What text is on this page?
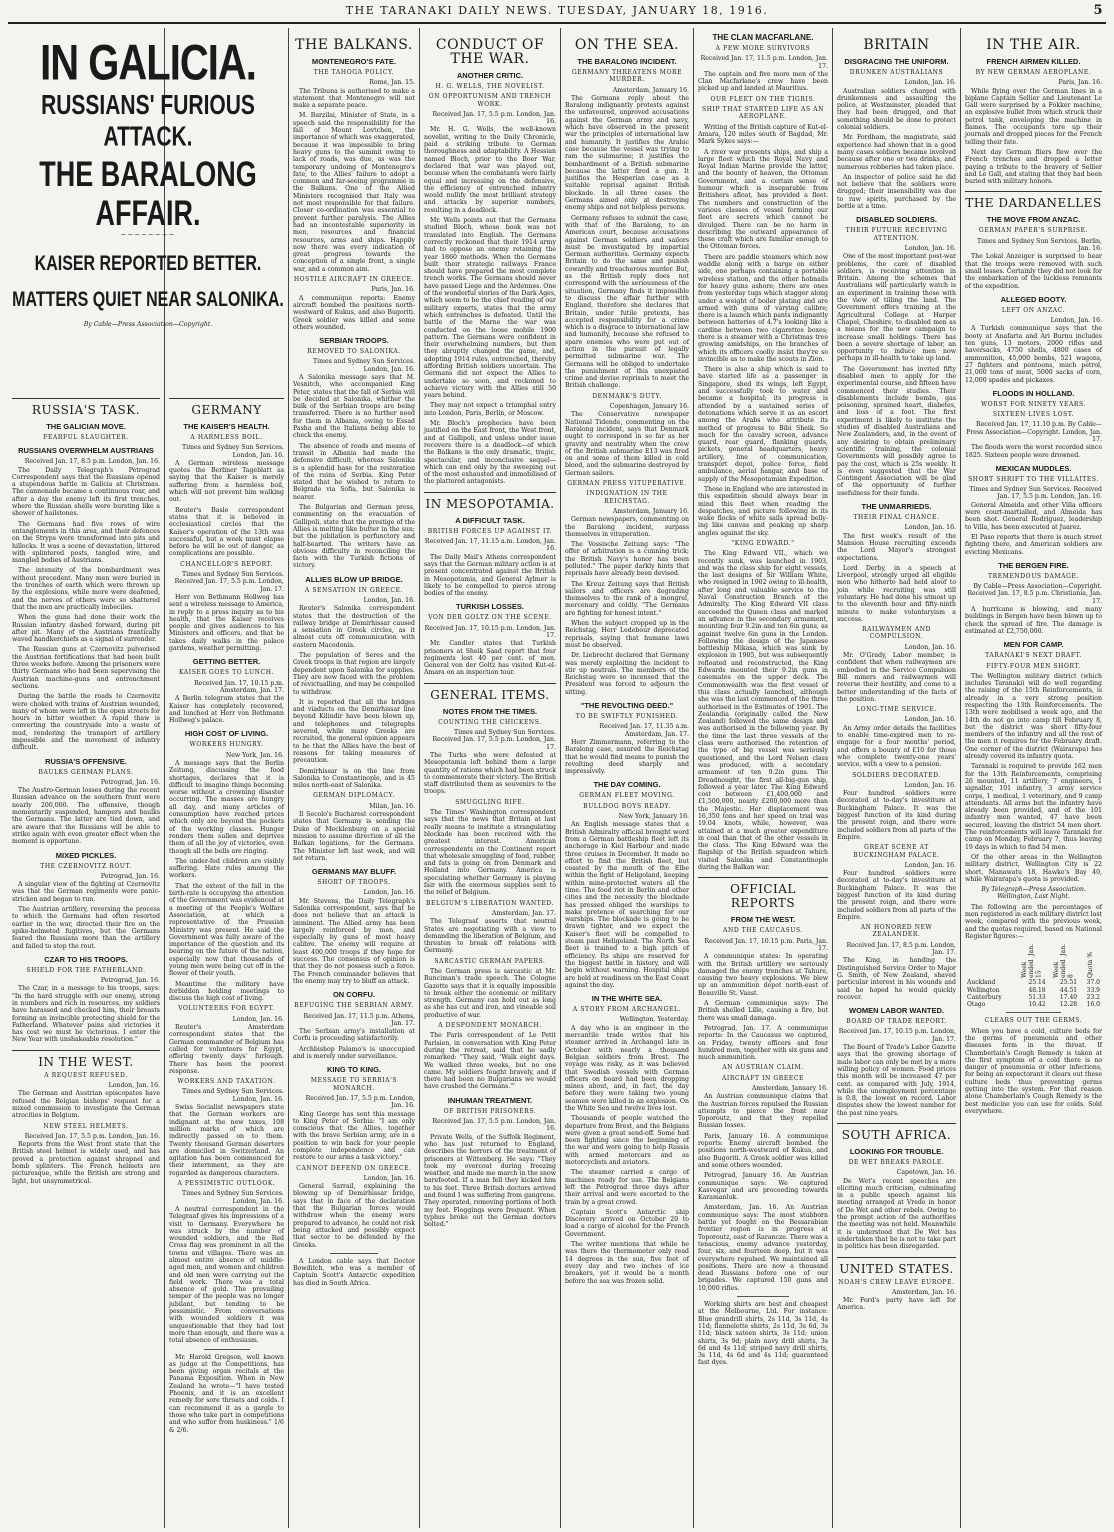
THE TARANAKI DAILY NEWS. TUESDAY, JANUARY 18, 1916.	5
IN GALICIA.
RUSSIANS' FURIOUS ATTACK.
THE BARALONG AFFAIR.
~~~~~~~~
KAISER REPORTED BETTER.
MATTERS QUIET NEAR SALONIKA.
By Cable—Press Association—Copyright.
RUSSIA'S TASK.
THE GALICIAN MOVE.
FEARFUL SLAUGHTER.
RUSSIANS OVERWHELM AUSTRIANS
Received Jan. 17, 8.5 p.m. London, Jan. 16.

The Daily Telegraph's Petrograd Correspondent says that the Russians opened a stupendous battle in Galicia at Christmas. The cannonade became a continuous roar, and after a day the enemy left its first trenches, where the Russian shells were bursting like a shower of hailstones.

The Germans had five rows of wire entanglements in this area, and their defences on the Stryps were transformed into pits and hillocks. It was a scene of devastation, littered with splintered posts, tangled wire, and mangled bodies of Austrians.

The intensity of the bombardment was without precedent. Many men were buried in the trenches of earth which were thrown up by the explosions, while more were deafened, and the nerves of others were so shattered that the men are practically imbeciles.

When the guns had done their work the Russian infantry dashed forward, during pit after pit. Many of the Austrians frantically waved handkerchiefs as a signal of surrender.

The Russian guns at Czernovitz pulverised the Austrian fortifications that had been built three weeks before. Among the prisoners were thirty Germans who had been supervising the Austrian machine-guns and entrenchment sections.

During the battle the roads to Czernovitz were choked with trains of Austrian wounded, many of whom were left in the open streets for hours in bitter weather. A rapid thaw is converting the countryside into a waste of mud, rendering the transport of artillery impossible and the movement of infantry difficult.

RUSSIA'S OFFENSIVE.
BAULKS GERMAN PLANS.
Petrograd, Jan. 16.

The Austro-German losses during the recent Russian advance on the southern front were nearly 200,000. The offensive, though momentarily suspended, hampers and baulks the Germans. The latter are tied down, and are aware that the Russians will be able to strike again with even greater effect when the moment is opportune.

MIXED PICKLES.
THE CZERNOVITZ ROUT.
Petrograd, Jan. 16.

A singular view of the fighting at Czernovitz was that the German regiments were panic-stricken and began to run.

The Austrian artillery, reversing the process to which the Germans had often resorted earlier in the war, directed their fire on the spike-helmeted fugitives, but the Germans feared the Russians more than the artillery and failed to stop the rout.

CZAR TO HIS TROOPS.
SHIELD FOR THE FATHERLAND.
Petrograd, Jan. 16.

The Czar, in a message to his troops, says: "In the hard struggle with our enemy, strong in numbers and rich in resources, my soldiers have harassed and checked him, their breasts forming an invincible protecting shield for the Fatherland. Whatever pains and victories it has cost we must be victorious. I enter the New Year with unshakeable resolution."

IN THE WEST.
A REQUEST REFUSED.
London, Jan. 16.

The German and Austrian episcopates have refused the Belgian bishops' request for a mixed commission to investigate the German atrocities in Belgium.

NEW STEEL HELMETS.
Received Jan. 17, 5.5 p.m. London, Jan. 16.

Reports from the West front state that the British steel helmet is widely used, and has proved a protection against shrapnel and bomb splinters. The French helmets are picturesque, while the British are strong and light, but unsymmetrical.

GERMANY
THE KAISER'S HEALTH.
A HARMLESS BOIL.
Times and Sydney Sun Services. London, Jan. 16.

A German wireless message quotes the Berliner Tageblatt as saying that the Kaiser is merely suffering from a harmless boil, which will not prevent him walking out.

Reuter's Basle correspondent states that it is believed in ecclesiastical circles that the Kaiser's operation of the 13th was successful, but a week must elapse before he will be out of danger, as complications are possible.

CHANCELLOR'S REPORT.
Times and Sydney Sun Services. Received Jan. 17, 5.5 p.m. London, Jan. 17.

Herr von Bethmann Hollweg has sent a wireless message to America, in reply to a press inquiry as to his health, that the Kaiser receives people and gives audiences to his Ministers and officers, and that he takes daily walks in the palace gardens, weather permitting.

GETTING BETTER.
KAISER GOES TO LUNCH.
Received Jan. 17, 10.15 p.m. Amsterdam, Jan. 17.

A Berlin telegram states that the Kaiser has completely recovered, and lunched at Herr von Bethmann Hollweg's palace.

HIGH COST OF LIVING.
WORKERS HUNGRY.
New York, Jan. 16.

A message says that the Berlin Zeitung, discussing the food shortages, declares that it is difficult to imagine things becoming worse without a crowning disaster occurring. The masses are hungry all day, and many articles of consumption have reached prices which only are beyond the pockets of the working classes. Hunger renders them sullen and deprives them of all the joy of victories, even though all the bells are ringing.

The under-fed children are visibly suffering. Hate rules among the workers.

That the extent of the fall in the birth-rate is occupying the attention of the Government was evidenced at a meeting of the People's Welfare Association, at which a representative of the Prussian Ministry was present. He said the Government was fully aware of the importance of the question and its bearing on the future of the nation, especially now that thousands of young men were being cut off in the flower of their youth.

Meantime the military have forbidden holding meetings to discuss the high cost of living.

VOLUNTEERS FOR EGYPT.
London, Jan. 16.

Reuter's Amsterdam correspondent states that the German commander of Belgium has called for volunteers for Egypt, offering twenty days' furlough. There has been the poorest response.

WORKERS AND TAXATION.
Times and Sydney Sun Services. London, Jan. 16.

Swiss Socialist newspapers state that the German workers are indignant at the new taxes, 108 million marks of which are indirectly passed on to them. Twenty thousand German deserters are domiciled in Switzerland. An agitation has been commenced for their internment, as they are regarded as dangerous characters.

A PESSIMISTIC OUTLOOK.
Times and Sydney Sun Services. London, Jan. 16.

A neutral correspondent in the Telegraaf gives his impressions of a visit to Germany. Everywhere he was struck by the number of wounded soldiers, and the Red Cross flag was prominent in all the towns and villages. There was an almost entire absence of middle-aged men, and women and children and old men were carrying out the field work. There was a total absence of gold. The prevailing temper of the people was no longer jubilant, but tending to be pessimistic. From conversations with wounded soldiers it was unquestionable that they had lost more than enough, and there was a total absence of enthusiasm.

Mr. Harold Gregson, well known as judge at the Competitions, has been giving organ recitals at the Panama Exposition. When in New Zealand he wrote—"I have tested Phoenix, and it is an excellent remedy for sore throats and colds. I can recommend it as a gargle to those who take part in competitions and who suffer from huskiness." 1/6 & 2/6.

THE BALKANS.
MONTENEGRO'S FATE.
THE TAHOGA POLICY.
Rome, Jan. 15.

The Tribuna is authorised to make a statement that Montenegro will not make a separate peace.

M. Barzilai, Minister of State, in a speech said the responsibility for the fall of Mount Lovtchen, the importance of which was exaggerated, because it was impossible to bring heavy guns to the summit owing to lack of roads, was due, as was the temporary undoing of Montenegro's fate, to the Allies' failure to adopt a common and far-seeing programme in the Balkans. One of the Allied Ministers recognised that Italy was not most responsible for that failure. Closer co-ordination was essential to prevent further paralysis. The Allies had an incontestable superiority in men, resources and financial resources, arms and ships. Happily now there was every indication of great progress towards the conception of a single front, a single war, and a common aim.

HOSTILE AIRCRAFT IN GREECE.
Paris, Jan. 16.

A communique reports: Enemy aircraft bombed the positions north-westward of Kukus, and also Bugoriti. Greek soldier was killed and some others wounded.

SERBIAN TROOPS.
REMOVED TO SALONIKA.
Times and Sydney Sun Services. London, Jan. 16.

A Salonika message says that M. Vesnitch, who accompanied King Peter, states that the fall of Serbia will be decided at Salonika, whither the bulk of the Serbian troops are being transferred. There is no further need for them in Albania, owing to Essad Pasha and the Italians being able to check the enemy.

The absence of roads and means of transit in Albania had made the defensive difficult, whereas Salonika is a splendid base for the restoration of the ruins of Serbia. King Peter stated that he wished to return to Belgrade via Sofia, but Salonika is nearer.

The Bulgarian and German press, commenting on the evacuation of Gallipoli, state that the prestige of the Allies is melting like butter in the sun; but the jubilation is perfunctory and half-hearted. The writers have an obvious difficulty in reconciling the facts with the Turkish fictions of victory.

ALLIES BLOW UP BRIDGE.
A SENSATION IN GREECE.
London, Jan. 16.

Reuter's Salonika correspondent states that the destruction of the railway bridge at Demirhissar caused a sensation in Greek circles, as it almost cuts off communication with eastern Macedonia.

The population of Seres and the Greek troops in that region are largely dependent upon Salonika for supplies. They are now faced with the problem of revictualling, and may be compelled to withdraw.

It is reported that all the bridges and viaducts on the Demirhissar line beyond Kilindir have been blown up, and telephones and telegraphs severed, while many Greeks are recruited, the general opinion appears to be that the Allies have the best of reasons for taking measures of precaution.

Demirhissar is on the line from Salonika to Constantinople, and is 45 miles north-east of Salonika.

GERMAN DIPLOMACY.
Milan, Jan. 16.

Il Secolo's Bucharest correspondent states that Germany is sending the Duke of Mecklenburg on a special mission to assume direction of all the Balkan legations, for the Germans. The Minister left last week, and will not return.

GERMANS MAY BLUFF.
SHORT OF TROOPS.
London, Jan. 16.

Mr. Stevens, the Daily Telegraph's Salonika correspondent, says that he does not believe that an attack is imminent. The Allied army has been largely reinforced by men, and especially by guns of most heavy calibre. The enemy will require at least 400,000 troops if they hope for success. The consensus of opinion is that they do not possess such a force. The French commander believes that the enemy may try to bluff an attack.

ON CORFU.
REFUGING THE SERBIAN ARMY.
Received Jan. 17, 11.5 p.m. Athens, Jan. 17.

The Serbian army's installation at Corfu is proceeding satisfactorily.

Archbishop Palamo's is unoccupied and is merely under surveillance.

KING TO KING.
MESSAGE TO SERBIA'S MONARCH.
Received Jan. 17, 5.5 p.m. London, Jan. 16.

King George has sent this message to King Peter of Serbia: "I am only conscious that the Allies, together with the brave Serbian army, are in a position to win back for your people complete independence and can restore to our arms a task victory."

CANNOT DEFEND ON GREECE.
London, Jan. 16.

General Sarrail, explaining the blowing up of Demirhissar bridge, says that in face of the declaration that the Bulgarian forces would withdraw when the enemy were prepared to advance, he could not risk being attacked and possibly expect that sector to be defended by the Greeks.

A London cable says that Doctor Bowditch, who was a member of Captain Scott's Antarctic expedition has died in South Africa.

CONDUCT OF THE WAR.
ANOTHER CRITIC.
H. G. WELLS, THE NOVELIST.
ON OPPORTUNISM AND TRENCH WORK.
Received Jan. 17, 5.5 p.m. London, Jan. 16.

Mr. H. G. Wells, the well-known novelist, writing to the Daily Chronicle, paid a striking tribute to German thoroughness and adaptability. A Hessian named Bloch, prior to the Boer War, declared that war was played out, because when the combatants were fairly equal and increasing on the defensive, the efficiency of entrenched infantry would nullify the most brilliant strategy and attacks by superior numbers, resulting in a deadlock.

Mr. Wells points out that the Germans studied Bloch, whose book was not translated into English. The Germans correctly reckoned that their 1914 army had to oppose an enemy retaining the year 1860 methods. When the Germans built their strategic railways France should have prepared the most complete trench works. The Germans should never have passed Liege and the Ardennes. One of the wonderful stories of the Dark Ages, which seem to be the chief reading of our military experts, states that the army which entrenches is defeated. Until the battle of the Marne the war was conducted on the loose mobile 1900 pattern. The Germans were confident in their overwhelming numbers, but then they abruptly changed the game, and, adopting 1914 rules, entrenched, thereby affording British soldiers uncertain. The Germans did not expect the Allies to undertake so soon, and reckoned to achieve victory with the Allies still 50 years behind.

They may not expect a triumphal entry into London, Paris, Berlin, or Moscow.

Mr. Bloch's prophecies have been justified on the East front, the West front, and at Gallipoli, and unless under issue recovers there is a deadlock—of which the Balkans is the only dramatic, tragic, spectacular, and inconclusive sequel—which can end only by the sweeping out of the most exhausted and immobilised of the plattered antagonists.

IN MESOPOTAMIA.
A DIFFICULT TASK.
BRITISH FORCES UP AGAINST IT.
Received Jan. 17, 11.15 a.m. London, Jan. 16.

The Daily Mail's Athens correspondent says that the German military action is at present concentrated against the British in Mesopotamia, and General Aylmer is likely to be compelled to pierce strong bodies of the enemy.

TURKISH LOSSES.
VON DER GOLTZ ON THE SCENE.
Received Jan. 17, 10.15 p.m. London, Jan. 17.

Mr. Candler states that Turkish prisoners at Sheik Saad report that four regiments lost 40 per cent. of men. General von der Goltz has visited Kut-el-Amara on an inspection tour.

GENERAL ITEMS.
NOTES FROM THE TIMES.
COUNTING THE CHICKENS.
Times and Sydney Sun Services. Received Jan. 17, 5.5 p.m. London, Jan. 17.

The Turks who were defeated at Mesopotamia left behind them a large quantity of rations which had been struck to commemorate their victory. The British staff distributed them as souvenirs to the troops.

SMUGGLING RIFE.

The Times' Washington correspondent says that the news that Britain at last really means to institute a strangulating blockade has been received with the greatest interest. American correspondents on the Continent report that wholesale smuggling of food, rubber, and fats is going on from Denmark and Holland into Germany. America is speculating whether Germany is playing fair with the enormous supplies sent to the relief of Belgium.

BELGIUM'S LIBERATION WANTED.
Amsterdam, Jan. 17.

The Telegraaf asserts that neutral States are negotiating with a view to demanding the liberation of Belgium, and threaten to break off relations with Germany.

SARCASTIC GERMAN PAPERS.

The German press is sarcastic at Mr. Runciman's trade speech. The Cologne Gazette says that it is equally impossible to break either the economic or military strength. Germany can hold out as long as she has cut and iron, and vineable soil productive of war.

A DESPONDENT MONARCH.

The Paris correspondent of Le Petit Parisien, in conversation with King Peter during the retreat, said that he sadly remarked: "They said, 'Walk eight days. We walked three weeks, but no one came. My soldiers fought bravely, and if there had been no Bulgarians we would have crushed the Germans.'"

INHUMAN TREATMENT.
OF BRITISH PRISONERS.
Received Jan. 17, 5.5 p.m. London, Jan. 16.

Private Wells, of the Suffolk Regiment, who has just returned to England, describes the horrors of the treatment of prisoners at Wittenberg. He says: "They took my overcoat during freezing weather, and made me march in the snow barefooted. If a man fell they kicked him to his feet. Three British doctors arrived and found I was suffering from gangrene. They operated, removing portions of both my feet. Floggings were frequent. When typhus broke out the German doctors bolted."

ON THE SEA.
THE BARALONG INCIDENT.
GERMANY THREATENS MORE MURDER.
Amsterdam, January 16.

The Germans reply about the Baralong indignantly protests against the unfavoured, unproved accusations against the German army and navy, which have observed in the present war the principles of international law and humanity. It justifies the Arabic case because the vessel was trying to ram the submarine; it justifies the bombardment of a British submarine because the latter fired a gun. It justifies the Hesperian case as a suitable reprisal against British blockade. In all three cases the Germans aimed only at destroying enemy ships and not helpless persons.

Germany refuses to submit the case, with that of the Baralong, to an American court, because accusations against German soldiers and sailors must be investigated by impartial German authorities. Germany expects Britain to do the same and punish cowardly and treacherous murder. But, as the British reply does not correspond with the seriousness of the situation, Germany finds it impossible to discuss the affair further with England, therefore she declares that Britain, under futile pretexts, has accepted responsibility for a crime which is a disgrace to international law and humanity, because she refused to spare enemies who were put out of action in the pursuit of legally permitted submarine war. The Germans will be obliged to undertake the punishment of this unexpiated crime and devise reprisals to meet the British challenge.

DENMARK'S DUTY.
Copenhagen, January 16.

The Conservative newspaper National Tidende, commenting on the Baralong incident, says that Denmark ought to correspond in so far as her gravity and neutrality when the crew of the British submarine E13 was fired on and some of them killed in cold blood, and the submarine destroyed by German sailors.

GERMAN PRESS VITUPERATIVE.
INDIGNATION IN THE REICHSTAG.
Amsterdam, January 16.

German newspapers, commenting on the Baralong incident, surpass themselves in vituperation.

The Vossische Zeitung says: "The offer of arbitration is a cunning trick; the British Navy's honor has been polluted." The paper darkly hints that reprisals have already been devised.

The Kreuz Zeitung says that British sailors and officers are degrading themselves to the rank of a mongrel, mercenary and coldly. "The Germans are fighting for honest intent."

When the subject cropped up in the Reichstag, Herr Ledebour deprecated reprisals, saying that humane laws must be observed.

Dr. Liebrecht declared that Germany was merely exploiting the incident to stir up neutrals. The members of the Reichstag were so incensed that the President was forced to adjourn the sitting.

"THE REVOLTING DEED."
TO BE SWIFTLY PUNISHED.
Received Jan. 17, 11.35 a.m. Amsterdam, Jan. 17.

Herr Zimmermann, referring to the Baralong case, assured the Reichstag that he would find means to punish the revolting deed sharply and impressively.

THE DAY COMING.
GERMAN FLEET MOVING.
BULLDOG BOYS READY.
New York, January 16.

An English message states that a British Admiralty official brought word from a German battleship fleet left its anchorage in Kiel Harbour and made three cruises in December. It made no effort to find the British fleet, but coasted by the mouth of the Elbe within the fight of Heligoland, keeping within mine-protected waters all the time. The food riot in Berlin and other cities and the necessity the blockade has pressed obliged the warships to make pretence of searching for our warships. The blockade is going to be drawn tighter, and we expect the Kaiser's fleet will be compelled to steam past Heligoland. The North Sea fleet is trained to a high pitch of efficiency. Its ships are reserved for the biggest battle in history, and will begin without warning. Hospital ships are held at readiness on the East Coast against the day.

IN THE WHITE SEA.
A STORY FROM ARCHANGEL.
Wellington, Yesterday.

A day who is an engineer in the mercantile trade writes that his steamer arrived in Archangel late in October with nearly a thousand Belgian soldiers from Brest. The voyage was risky, as it was believed that Swedish vessels with German officers on board had been dropping mines about, and, in fact, the day before they were taking two young seamen were killed in an explosion. On the White Sea and twelve lives lost.

Thousands of people watched the departure from Brest, and the Belgians were given a great send-off. Some had been fighting since the beginning of the war and were going to help Russia with armed motorcars and as motorcyclists and aviators.

The steamer carried a cargo of machines ready for use. The Belgians left the Petrograd three days after their arrival and were escorted to the train by a great crowd.

Captain Scott's Antarctic ship Discovery arrived on October 20 to load a cargo of alcohol for the French Government.

The writer mentions that while he was there the thermometer only read 14 degrees in the sun, five feet of every day and two inches of ice breakers, yet it would be a month before the sea was frozen solid.

THE CLAN MACFARLANE.
A FEW MORE SURVIVORS
Received Jan. 17, 11.5 p.m. London, Jan. 17.

The captain and five more men of the Clan Macfarlane's crew have been picked up and landed at Mauritius.

OUR FLEET ON THE TIGRIS.
SHIP THAT STARTED LIFE AS AN AEROPLANE.

Writing of the British capture of Kut-el-Amara, 120 miles south of Bagdad, Mr. Mark Sykes says:—

A river war presents ships, and ship a large fleet which the Royal Navy and Royal Indian Marine provide the latter, and the bounty of heaven, the Ottoman Government, and a certain sense of humour which is inseparable from Britishers afloat, has provided a fleet. The numbers and construction of the various classes of vessel forming our fleet are secrets which cannot be divulged. There can be no harm in describing the outward appearance of these craft which are familiar enough to the Ottoman forces.

There are paddle steamers which now waddle along with a barge on either side, one perhaps containing a portable wireless station, and the other hobnails for heavy guns ashore; there are ones from yesterday tugs which stagger along under a weight of boiler plating and are armed with guns of varying calibre; there is a launch which pants indignantly between batteries of 4.7's looking like a cardine between two cigarettes boxes; there is a steamer with a Christmas tree growing amidships, on the branches of which its officers coolly insist they're so invincible as to make the scouts in Zion.

There is also a ship which is said to have started life as a passenger in Singapore, shed its wings, left Egypt, and successfully took to water and became a hospital; its progress is attended by a sustained series of detonations which serve it as an escort among the Arabs who attribute its method of progress to Bibi Sheik. So much for the cavalry screen, advance guard, rear guard, flanking guards, pickets, general headquarters, heavy artillery, line of communication, transport depot, police force, field ambulance, aerial hangar, and base of supply of the Mesopotamian Expedition.

Those in England who are interested in this expedition should always bear in mind this fleet when reading the despatches, and picture following in its wake flocks of white sails spread belly-ing like canvas and peaking up sharp angles against the sky.

"KING EDWARD."

The King Edward VII., which we recently sunk, was launched in 1903, and was the class ship for eight vessels, the last designs of Sir William White, who resigned in 1902 owing to ill-health, after long and valuable service to the Naval Construction Branch of the Admiralty. The King Edward VII class succeeded the Queen class and marked an advance in the secondary armament, mounting four 9.2in and ten 6in guns, as against twelve 6in guns in the London. Following the design of the Japanese battleship Mikasa, which was sunk by explosion in 1905, but was subsequently refloated and reconstructed, the King Edwards mounted their 9.2in guns in casemates on the upper deck. The Commonwealth was the first vessel of this class actually launched, although she was the last commenced of the three authorised in the Estimates of 1901. The Zealandia (originally called the New Zealand) followed the same design and was authorised in the following year. By the time the last three vessels of the class were authorised the retention of the type of big vessel was seriously questioned, and the Lord Nelson class was produced, with a secondary armament of ten 9.2in guns. The Dreadnought, the first all-big-gun ship, followed a year later. The King Edward cost between £1,400,000 and £1,500,000, nearly £200,000 more than the Majestic. Her displacement was 16,350 tons and her speed on trial was 19.04 knots, while, however, was attained at a much greater expenditure in coal than that of the other vessels in the class. The King Edward was the flagship of the British squadron which visited Salonika and Constantinople during the Balkan war.

OFFICIAL REPORTS
FROM THE WEST.
AND THE CAUCASUS.
Received Jan. 17, 10.15 p.m. Paris, Jan. 17.

A communique states: In operating with the British artillery we seriously damaged the enemy trenches at Tahure, causing two heavy explosions. We blew up an ammunition depot north-east of Beauville St. Vaast.

A German communique says: The British shelled Lille, causing a fire, but there was small damage.

Petrograd, Jan. 17. A communique reports: In the Caucasus we captured, on Friday, twenty officers and four hundred men, together with six guns and much ammunition.

AN AUSTRIAN CLAIM.
AIRCRAFT IN GREECE
Amsterdam, January 16.

An Austrian communique claims that the Austrian forces repulsed the Russian attempts to pierce the front near Toporoutz, and that they repelled Russian losses.

Paris, January 16. A communique reports: Enemy aircraft bombed the positions north-westward of Kukus, and also Bugoriti. A Greek soldier was killed and some others wounded.

Petrograd, January 16. An Austrian communique says: We captured Kasvegar and are proceeding towards Karamanluk.

Amsterdam, Jan. 16. An Austrian communique says: The most stubborn battle yet fought on the Bessarabian frontier region is in progress at Toporoutz, east of Rarancze. There was a tenacious, enemy advance yesterday, four, six, and fourteen deep, but it was everywhere repulsed. We maintained all positions. There are now a thousand dead Russians before one of our brigades. We captured 150 guns and 10,000 rifles.

Working shirts are best and cheapest at the Melbourne, Ltd. For instance: Blue grandrill shirts, 2s 11d, 3s 11d, 4s 11d; flannelette shirts, 2s 11d, 3s 6d, 3s 11d; black sateen shirts, 3s 11d; union shirts, 3s 9d; plain navy drill shirts, 3s 6d and 4s 11d; striped navy drill shirts, 3s 11d, 4s 6d and 4s 11d; guaranteed fast dyes.

BRITAIN
DISGRACING THE UNIFORM.
DRUNKEN AUSTRALIANS
London, Jan. 16.

Australian soldiers charged with drunkenness and assaulting the police, at Westminster, pleaded that they had been drugged, and that something should be done to protect colonial soldiers.

Mr. Fordham, the magistrate, said experience had shown that in a good many cases soldiers became involved because after one or two drinks, and numerous robberies had taken place.

An inspector of police said he did not believe that the soldiers were drugged; their insensibility was due to raw spirits, purchased by the bottle at a time.

DISABLED SOLDIERS.
THEIR FUTURE RECEIVING ATTENTION.
London, Jan. 16.

One of the most important post-war problems, the care of disabled soldiers, is receiving attention in Britain. Among the schemes that Australians will particularly watch is an experiment in training those with the view of tilling the land. The Government offers training at the Agricultural College at Harper Chapel, Cheshire, to disabled men as a means for the new campaign to increase small holdings. There has been a severe shortage of labor, an opportunity to induce men now perhaps in ill-health to take up land.

The Government has invited fifty disabled men to apply for the experimental course, and fifteen have commenced their studies. Their disablements include bombs, gas poisoning, sprained heart, diabetes, and loss of a foot. The first experiment is likely to institute the studies of disabled Australians and New Zealanders, and, in the event of any desiring to obtain preliminary scientific training, the colonial Governments will possibly agree to pay the cost, which is 25s weekly. It is even suggested that the War Contingent Association will be glad of the opportunity of further usefulness for their funds.

THE UNMARRIEDS.
THEIR FINAL CHANCE.
London, Jan. 16.

The first week's result of the Mansion House recruiting exceeds the Lord Mayor's strongest expectations.

Lord Derby, in a speech at Liverpool, strongly urged all eligible men who hitherto had held aloof to join while recruiting was still voluntary. He had done his utmost up to the eleventh hour and fifty-ninth minute to make voluntaryism a success.

RAILWAYMEN AND COMPULSION.
London, Jan. 16.

Mr. O'Grady, Labor member, is confident that when railwaymen are embodied in the Service Compulsion Bill miners and railwaymen will reverse their hostility, and come to a better understanding of the facts of the position.

LONG-TIME SERVICE.
London, Jan. 16.

An Army order details the facilities to enable time-expired men to re-engage for a four months' period, and offers a bounty of £10 for those who complete twenty-one years' service, with a view to a pension.

SOLDIERS DECORATED.
London, Jan. 16.

Four hundred soldiers were decorated at to-day's investiture at Buckingham Palace. It was the biggest function of its kind during the present reign, and there were included soldiers from all parts of the Empire.

GREAT SCENE AT BUCKINGHAM PALACE.
London, Jan. 16.

Four hundred soldiers were decorated at to-day's investiture at Buckingham Palace. It was the biggest function of its kind during the present reign, and there were included soldiers from all parts of the Empire.

AN HONORED NEW ZEALANDER.
Received Jan. 17, 8.5 p.m. London, Jan. 17.

The King, in handing the Distinguished Service Order to Major G. Smith, of New Zealand, shaved particular interest in his wounds and said he hoped he would quickly recover.

WOMEN LABOR WANTED.
BOARD OF TRADE REPORT.
Received Jan. 17, 10.15 p.m. London, Jan. 17.

The Board of Trade's Labor Gazette says that the growing shortage of male labor can only be met by a more willing policy of women. Food prices this month will be increased 47 per cent. as compared with July, 1914, while the unemployment percentage is 0.8, the lowest on record. Labor disputes show the lowest number for the past nine years.

SOUTH AFRICA.
LOOKING FOR TROUBLE.
DE WET BREAKS PAROLE.
Capetown, Jan. 16.

De Wet's recent speeches are eliciting much criticism, culminating in a public speech against his meeting arranged at Vrede in honor of De Wet and other rebels. Owing to the prompt action of the authorities the meeting was not held. Meanwhile it is understood that De Wet has undertaken that he is not to take part in politics has been disregarded.

UNITED STATES.
NOAH'S CREW LEAVE EUROPE.
Amsterdam, Jan. 16.

Mr. Ford's party have left for America.

IN THE AIR.
FRENCH AIRMEN KILLED.
BY NEW GERMAN AEROPLANE.
Paris, Jan. 16.

While flying over the German lines in a biplane Captain Sellier and Lieutenant Le Gall were surprised by a Fokker machine, an explosive bullet from which struck their petrol tank, enveloping the machine in flames. The occupants tore up their journals and dropped pieces for the French telling their fate.

Next day German fliers flew over the French trenches and dropped a letter paying a tribute to the bravery of Sellier and Le Gall, and stating that they had been buried with military honors.

THE DARDANELLES
THE MOVE FROM ANZAC.
GERMAN PAPER'S SURPRISE.
Times and Sydney Sun Services. Berlin, Jan. 16.

The Lokal Anzeiger is surprised to hear that the troops were removed with such small losses. Certainly they did not look for the embarkation of the luckless remnants of the expedition.

ALLEGED BOOTY.
LEFT ON ANZAC.
London, Jan. 16.

A Turkish communique says that the booty at Anafarta and Ari Burnu includes ten guns, 13 motors, 2000 rifles and haversacks, 4750 shells, 4800 cases of ammunition, 45,000 bombs, 521 wagons, 27 fighters and pontoons, much petrol, 21,000 tons of meat, 5000 sacks of corn, 12,000 spades and pickaxes.

FLOODS IN HOLLAND.
WORST FOR NINETY YEARS.
SIXTEEN LIVES LOST.
Received Jan. 17, 11.10 p.m. By Cable—Press Association—Copyright. London, Jan. 17.

The floods were the worst recorded since 1825. Sixteen people were drowned.

MEXICAN MUDDLES.
SHORT SHRIFT TO THE VILLAITES.
Times and Sydney Sun Services. Received Jan. 17, 5.5 p.m. London, Jan. 16.

General Almeida and other Villa officers were court-martialled, and Almeida has been shot. General Rodriguez, leadership to Villa, has been executed at Juarez.

El Paso reports that there is much street fighting there, and American soldiers are evicting Mexicans.

THE BERGEN FIRE.
TREMENDOUS DAMAGE.
By Cable—Press Association—Copyright. Received Jan. 17, 8.5 p.m. Christiania, Jan. 17.

A hurricane is blowing, and many buildings in Bergen have been blown up to check the spread of fire. The damage is estimated at £2,750,000.

MEN FOR CAMP.
TARANAKI'S NEXT DRAFT.
FIFTY-FOUR MEN SHORT.

The Wellington military district (which includes Taranaki) will do well regarding the raising of the 15th Reinforcements, is already in a very strong position respecting the 13th Reinforcements. The 13th were mobilised a week ago, and the 14th do not go into camp till February 8, but the district was short fifty-four members of the infantry and all the rest of the men it requires for the February draft. One corner of the district (Wairarapa) has already covered its infantry quota.

Taranaki is required to provide 162 men for the 13th Reinforcements, comprising 26 mounted, 11 artillery, 7 engineers, 1 signaller, 101 infantry, 3 army service corps, 1 medical, 1 veterinary, and 9 camp attendants. All arms but the infantry have already been provided, and of the 101 infantry men wanted, 47 have been secured, leaving the district 54 men short. The reinforcements will leave Taranaki for camp on Monday, February 7, thus leaving 19 days in which to find 54 men.

Of the other areas in the Wellington military district, Wellington City is 22 short, Manawatu 18, Hawke's Bay 40, while Wairarapa's quota is provided.

By Telegraph—Press Association. Wellington, Last Night.

The following are the percentages of men registered in each military district last week, compared with the previous week, and the quotas required, based on National Register figures:—

	Week ended Jan. 15	Week ended Jan. 8	Quota %
Auckland	25.14	25.51	37.0
Wellington	48.18	44.51	33.9
Canterbury	51.33	17.40	23.2
Otago	10.42	12.28	16.0
CLEARS OUT THE GERMS.

When you have a cold, culture beds for the germs of pneumonia and other diseases form in the throat. If Chamberlain's Cough Remedy is taken at the first symptom of a cold there is no danger of pneumonia or other infections, for being an expectorant it clears out these culture beds thus preventing germs getting into the system. For that reason alone Chamberlain's Cough Remedy is the best medicine you can use for colds. Sold everywhere.
